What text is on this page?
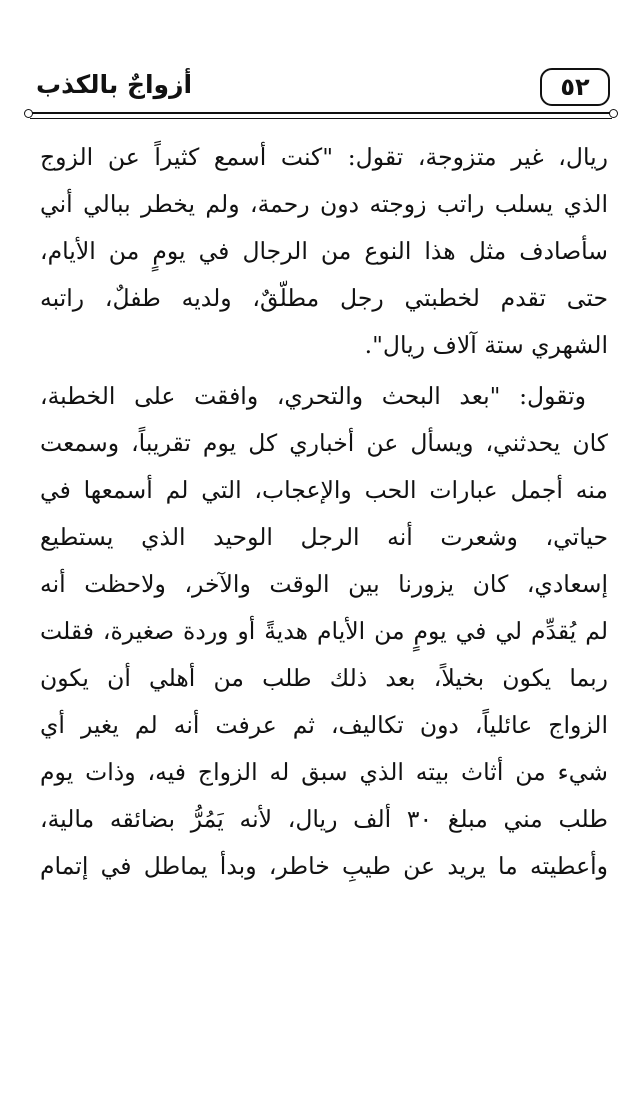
٥٢
أزواجٌ بالكذب
ريال، غير متزوجة، تقول: "كنت أسمع كثيراً عن الزوج
الذي يسلب راتب زوجته دون رحمة، ولم يخطر ببالي أني
سأصادف مثل هذا النوع من الرجال في يومٍ من الأيام،
حتى تقدم لخطبتي رجل مطلّقٌ، ولديه طفلٌ، راتبه
الشهري ستة آلاف ريال".
وتقول: "بعد البحث والتحري، وافقت على الخطبة،
كان يحدثني، ويسأل عن أخباري كل يوم تقريباً، وسمعت
منه أجمل عبارات الحب والإعجاب، التي لم أسمعها في
حياتي، وشعرت أنه الرجل الوحيد الذي يستطيع
إسعادي، كان يزورنا بين الوقت والآخر، ولاحظت أنه
لم يُقدِّم لي في يومٍ من الأيام هديةً أو وردة صغيرة، فقلت
ربما يكون بخيلاً، بعد ذلك طلب من أهلي أن يكون
الزواج عائلياً، دون تكاليف، ثم عرفت أنه لم يغير أي
شيء من أثاث بيته الذي سبق له الزواج فيه، وذات يوم
طلب مني مبلغ ٣٠ ألف ريال، لأنه يَمُرُّ بضائقه مالية،
وأعطيته ما يريد عن طيبِ خاطر، وبدأ يماطل في إتمام
